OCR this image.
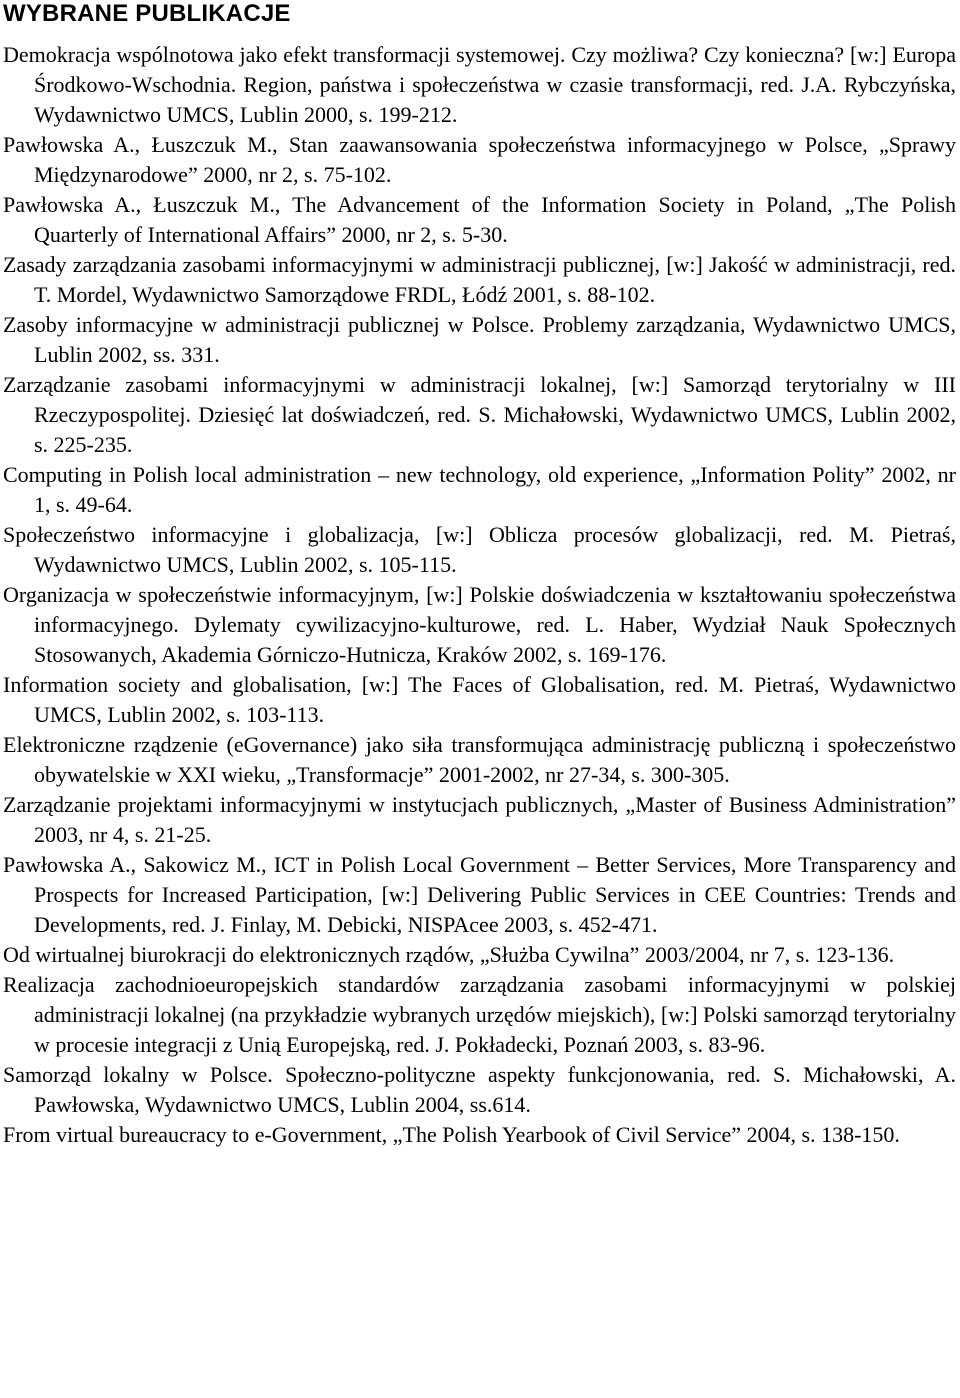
WYBRANE PUBLIKACJE
Demokracja wspólnotowa jako efekt transformacji systemowej. Czy możliwa? Czy konieczna? [w:] Europa Środkowo-Wschodnia. Region, państwa i społeczeństwa w czasie transformacji, red. J.A. Rybczyńska, Wydawnictwo UMCS, Lublin 2000, s. 199-212.
Pawłowska A., Łuszczuk M., Stan zaawansowania społeczeństwa informacyjnego w Polsce, „Sprawy Międzynarodowe” 2000, nr 2, s. 75-102.
Pawłowska A., Łuszczuk M., The Advancement of the Information Society in Poland, „The Polish Quarterly of International Affairs” 2000, nr 2, s. 5-30.
Zasady zarządzania zasobami informacyjnymi w administracji publicznej, [w:] Jakość w administracji, red. T. Mordel, Wydawnictwo Samorządowe FRDL, Łódź 2001, s. 88-102.
Zasoby informacyjne w administracji publicznej w Polsce. Problemy zarządzania, Wydawnictwo UMCS, Lublin 2002, ss. 331.
Zarządzanie zasobami informacyjnymi w administracji lokalnej, [w:] Samorząd terytorialny w III Rzeczypospolitej. Dziesięć lat doświadczeń, red. S. Michałowski, Wydawnictwo UMCS, Lublin 2002, s. 225-235.
Computing in Polish local administration – new technology, old experience, „Information Polity” 2002, nr 1, s. 49-64.
Społeczeństwo informacyjne i globalizacja, [w:] Oblicza procesów globalizacji, red. M. Pietraś, Wydawnictwo UMCS, Lublin 2002, s. 105-115.
Organizacja w społeczeństwie informacyjnym, [w:] Polskie doświadczenia w kształtowaniu społeczeństwa informacyjnego. Dylematy cywilizacyjno-kulturowe, red. L. Haber, Wydział Nauk Społecznych Stosowanych, Akademia Górniczo-Hutnicza, Kraków 2002, s. 169-176.
Information society and globalisation, [w:] The Faces of Globalisation, red. M. Pietraś, Wydawnictwo UMCS, Lublin 2002, s. 103-113.
Elektroniczne rządzenie (eGovernance) jako siła transformująca administrację publiczną i społeczeństwo obywatelskie w XXI wieku, „Transformacje” 2001-2002, nr 27-34, s. 300-305.
Zarządzanie projektami informacyjnymi w instytucjach publicznych, „Master of Business Administration” 2003, nr 4, s. 21-25.
Pawłowska A., Sakowicz M., ICT in Polish Local Government – Better Services, More Transparency and Prospects for Increased Participation, [w:] Delivering Public Services in CEE Countries: Trends and Developments, red. J. Finlay, M. Debicki, NISPAcee 2003, s. 452-471.
Od wirtualnej biurokracji do elektronicznych rządów, „Służba Cywilna” 2003/2004, nr 7, s. 123-136.
Realizacja zachodnioeuropejskich standardów zarządzania zasobami informacyjnymi w polskiej administracji lokalnej (na przykładzie wybranych urzędów miejskich), [w:] Polski samorząd terytorialny w procesie integracji z Unią Europejską, red. J. Pokładecki, Poznań 2003, s. 83-96.
Samorząd lokalny w Polsce. Społeczno-polityczne aspekty funkcjonowania, red. S. Michałowski, A. Pawłowska, Wydawnictwo UMCS, Lublin 2004, ss.614.
From virtual bureaucracy to e-Government, „The Polish Yearbook of Civil Service” 2004, s. 138-150.
